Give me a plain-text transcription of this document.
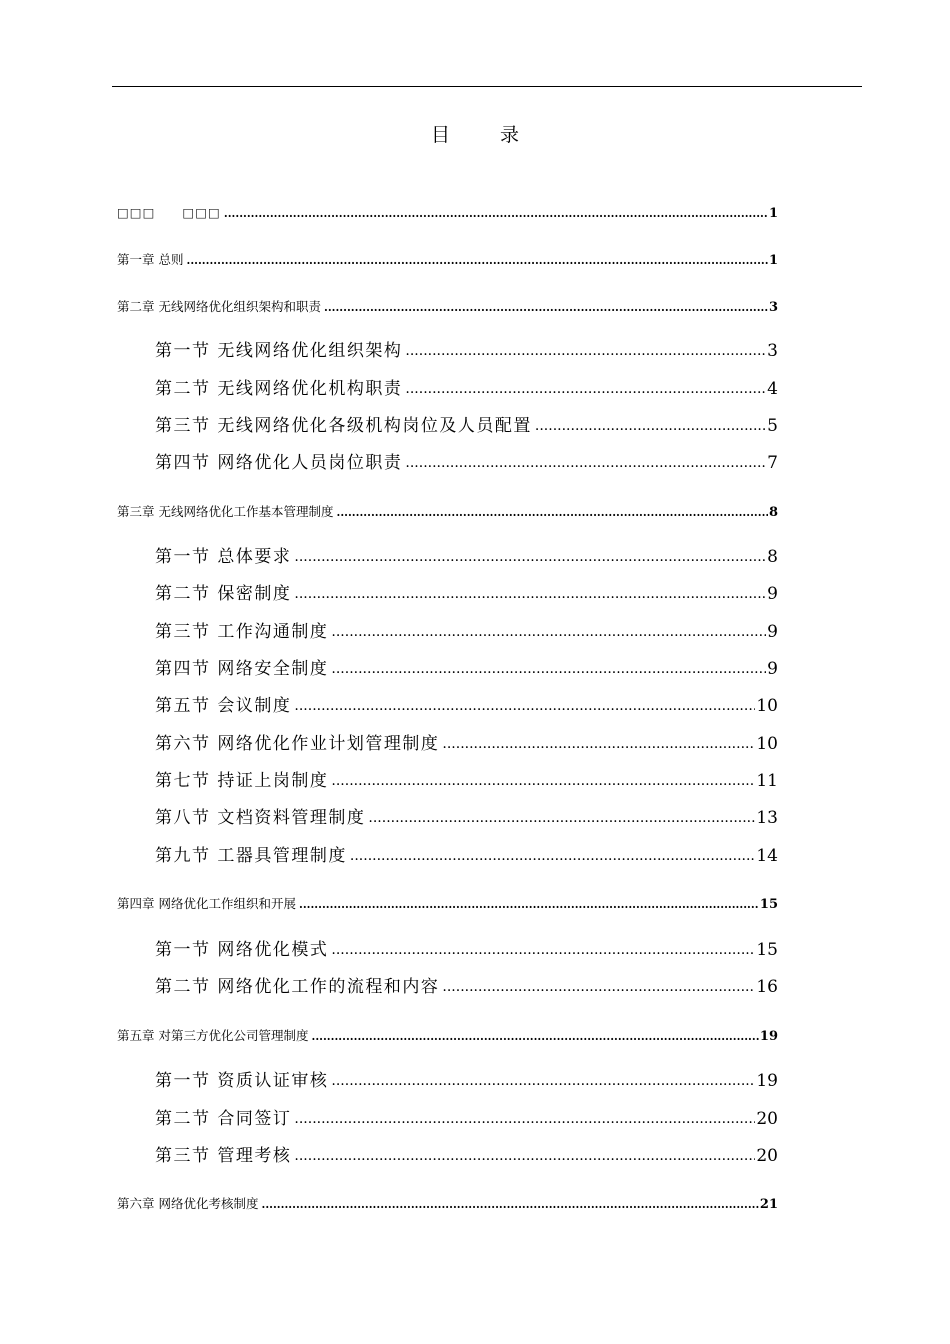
目 录
□□□　　□□□ .....	1
第一章 总则 .....	1
第二章 无线网络优化组织架构和职责 .....	3
第一节 无线网络优化组织架构 .....	3
第二节 无线网络优化机构职责 .....	4
第三节 无线网络优化各级机构岗位及人员配置 .....	5
第四节 网络优化人员岗位职责 .....	7
第三章 无线网络优化工作基本管理制度 .....	8
第一节 总体要求 .....	8
第二节 保密制度 .....	9
第三节 工作沟通制度 .....	9
第四节 网络安全制度 .....	9
第五节 会议制度 .....	10
第六节 网络优化作业计划管理制度 .....	10
第七节 持证上岗制度 .....	11
第八节 文档资料管理制度 .....	13
第九节 工器具管理制度 .....	14
第四章 网络优化工作组织和开展 .....	15
第一节 网络优化模式 .....	15
第二节 网络优化工作的流程和内容 .....	16
第五章 对第三方优化公司管理制度 .....	19
第一节 资质认证审核 .....	19
第二节 合同签订 .....	20
第三节 管理考核 .....	20
第六章 网络优化考核制度 .....	21
